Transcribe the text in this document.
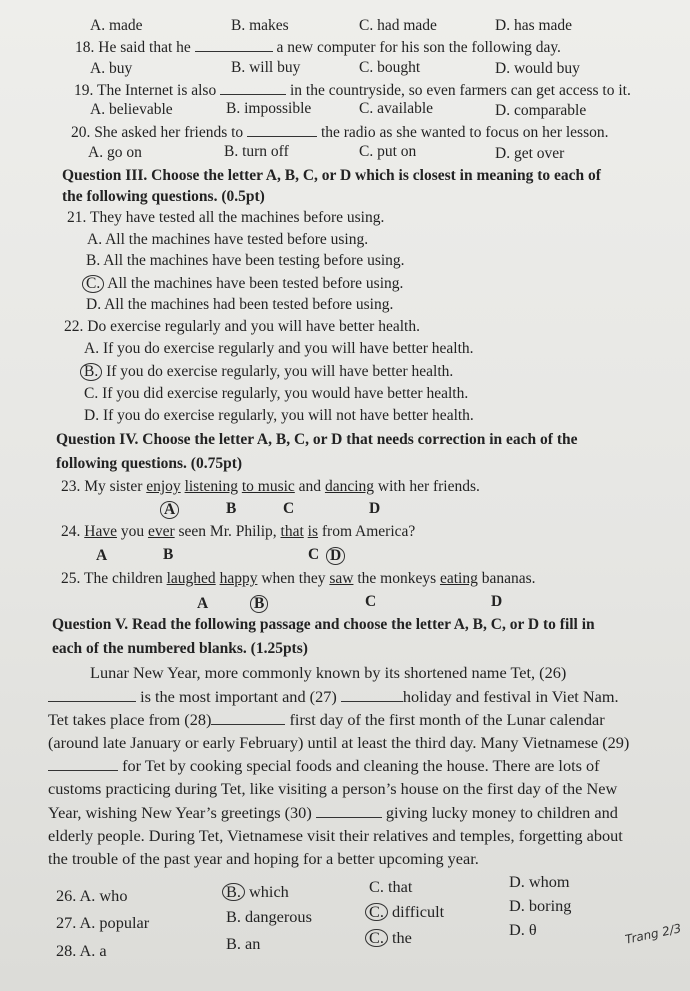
A. made	B. makes	C. had made	D. has made
18. He said that he	a new computer for his son the following day.
A. buy	B. will buy	C. bought	D. would buy
19. The Internet is also	in the countryside, so even farmers can get access to it.
A. believable	B. impossible	C. available	D. comparable
20. She asked her friends to	the radio as she wanted to focus on her lesson.
A. go on	B. turn off	C. put on	D. get over
Question III. Choose the letter A, B, C, or D which is closest in meaning to each of
the following questions. (0.5pt)
21. They have tested all the machines before using.
A. All the machines have tested before using.
B. All the machines have been testing before using.
C. All the machines have been tested before using.
D. All the machines had been tested before using.
22. Do exercise regularly and you will have better health.
A. If you do exercise regularly and you will have better health.
B. If you do exercise regularly, you will have better health.
C. If you did exercise regularly, you would have better health.
D. If you do exercise regularly, you will not have better health.
Question IV. Choose the letter A, B, C, or D that needs correction in each of the
following questions. (0.75pt)
23. My sister enjoy listening to music and dancing with her friends.
A	B	C	D
24. Have you ever seen Mr. Philip, that is from America?
A	B	C D
25. The children laughed happy when they saw the monkeys eating bananas.
A	B	C	D
Question V. Read the following passage and choose the letter A, B, C, or D to fill in
each of the numbered blanks. (1.25pts)
Lunar New Year, more commonly known by its shortened name Tet, (26)
is the most important and (27)	holiday and festival in Viet Nam.
Tet takes place from (28)	first day of the first month of the Lunar calendar
(around late January or early February) until at least the third day. Many Vietnamese (29)
for Tet by cooking special foods and cleaning the house. There are lots of
customs practicing during Tet, like visiting a person’s house on the first day of the New
Year, wishing New Year’s greetings (30)	giving lucky money to children and
elderly people. During Tet, Vietnamese visit their relatives and temples, forgetting about
the trouble of the past year and hoping for a better upcoming year.
26. A. who	B. which	C. that	D. whom
27. A. popular	B. dangerous	C. difficult	D. boring
28. A. a	B. an	C. the	D. θ	Trang 2/3
